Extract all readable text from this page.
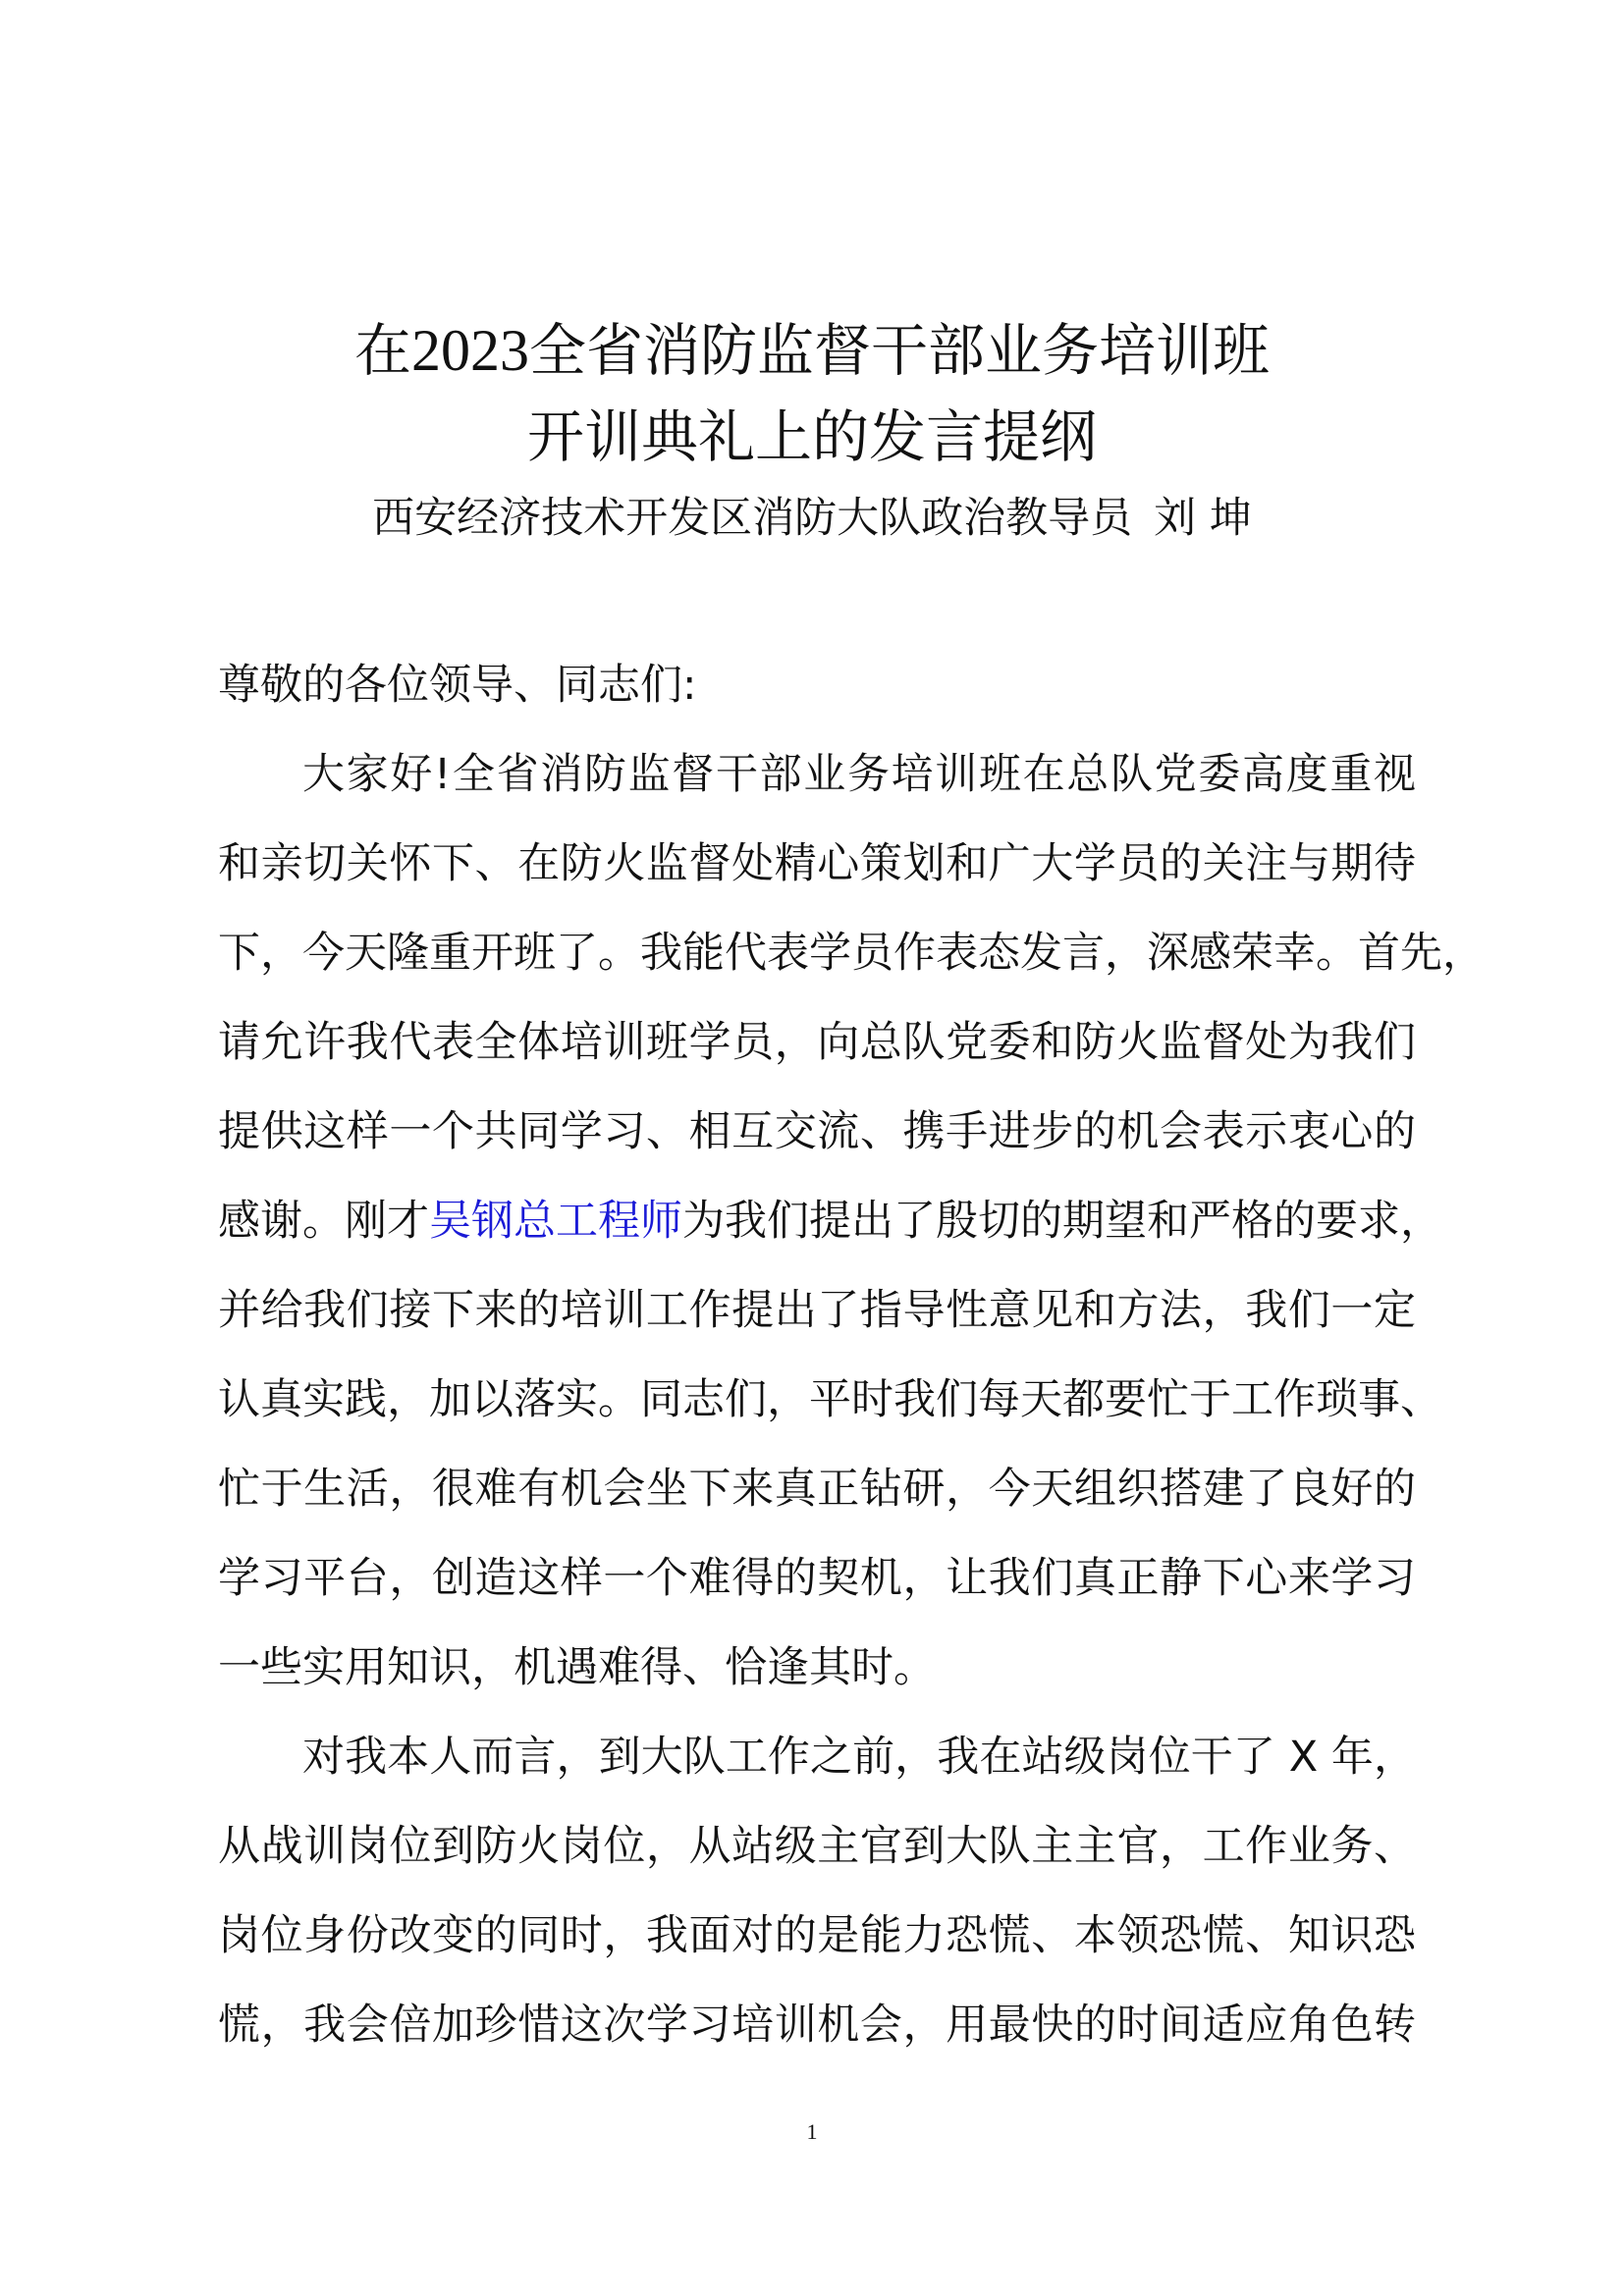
在2023全省消防监督干部业务培训班
开训典礼上的发言提纲
西安经济技术开发区消防大队政治教导员 刘 坤
尊敬的各位领导、同志们:
大家好!全省消防监督干部业务培训班在总队党委高度重视
和亲切关怀下、在防火监督处精心策划和广大学员的关注与期待
下，今天隆重开班了。我能代表学员作表态发言，深感荣幸。首先，
请允许我代表全体培训班学员，向总队党委和防火监督处为我们
提供这样一个共同学习、相互交流、携手进步的机会表示衷心的
感谢。刚才吴钢总工程师为我们提出了殷切的期望和严格的要求，
并给我们接下来的培训工作提出了指导性意见和方法，我们一定
认真实践，加以落实。同志们，平时我们每天都要忙于工作琐事、
忙于生活，很难有机会坐下来真正钻研，今天组织搭建了良好的
学习平台，创造这样一个难得的契机，让我们真正静下心来学习
一些实用知识，机遇难得、恰逢其时。
对我本人而言，到大队工作之前，我在站级岗位干了 X 年，
从战训岗位到防火岗位，从站级主官到大队主主官，工作业务、
岗位身份改变的同时，我面对的是能力恐慌、本领恐慌、知识恐
慌，我会倍加珍惜这次学习培训机会，用最快的时间适应角色转
1
